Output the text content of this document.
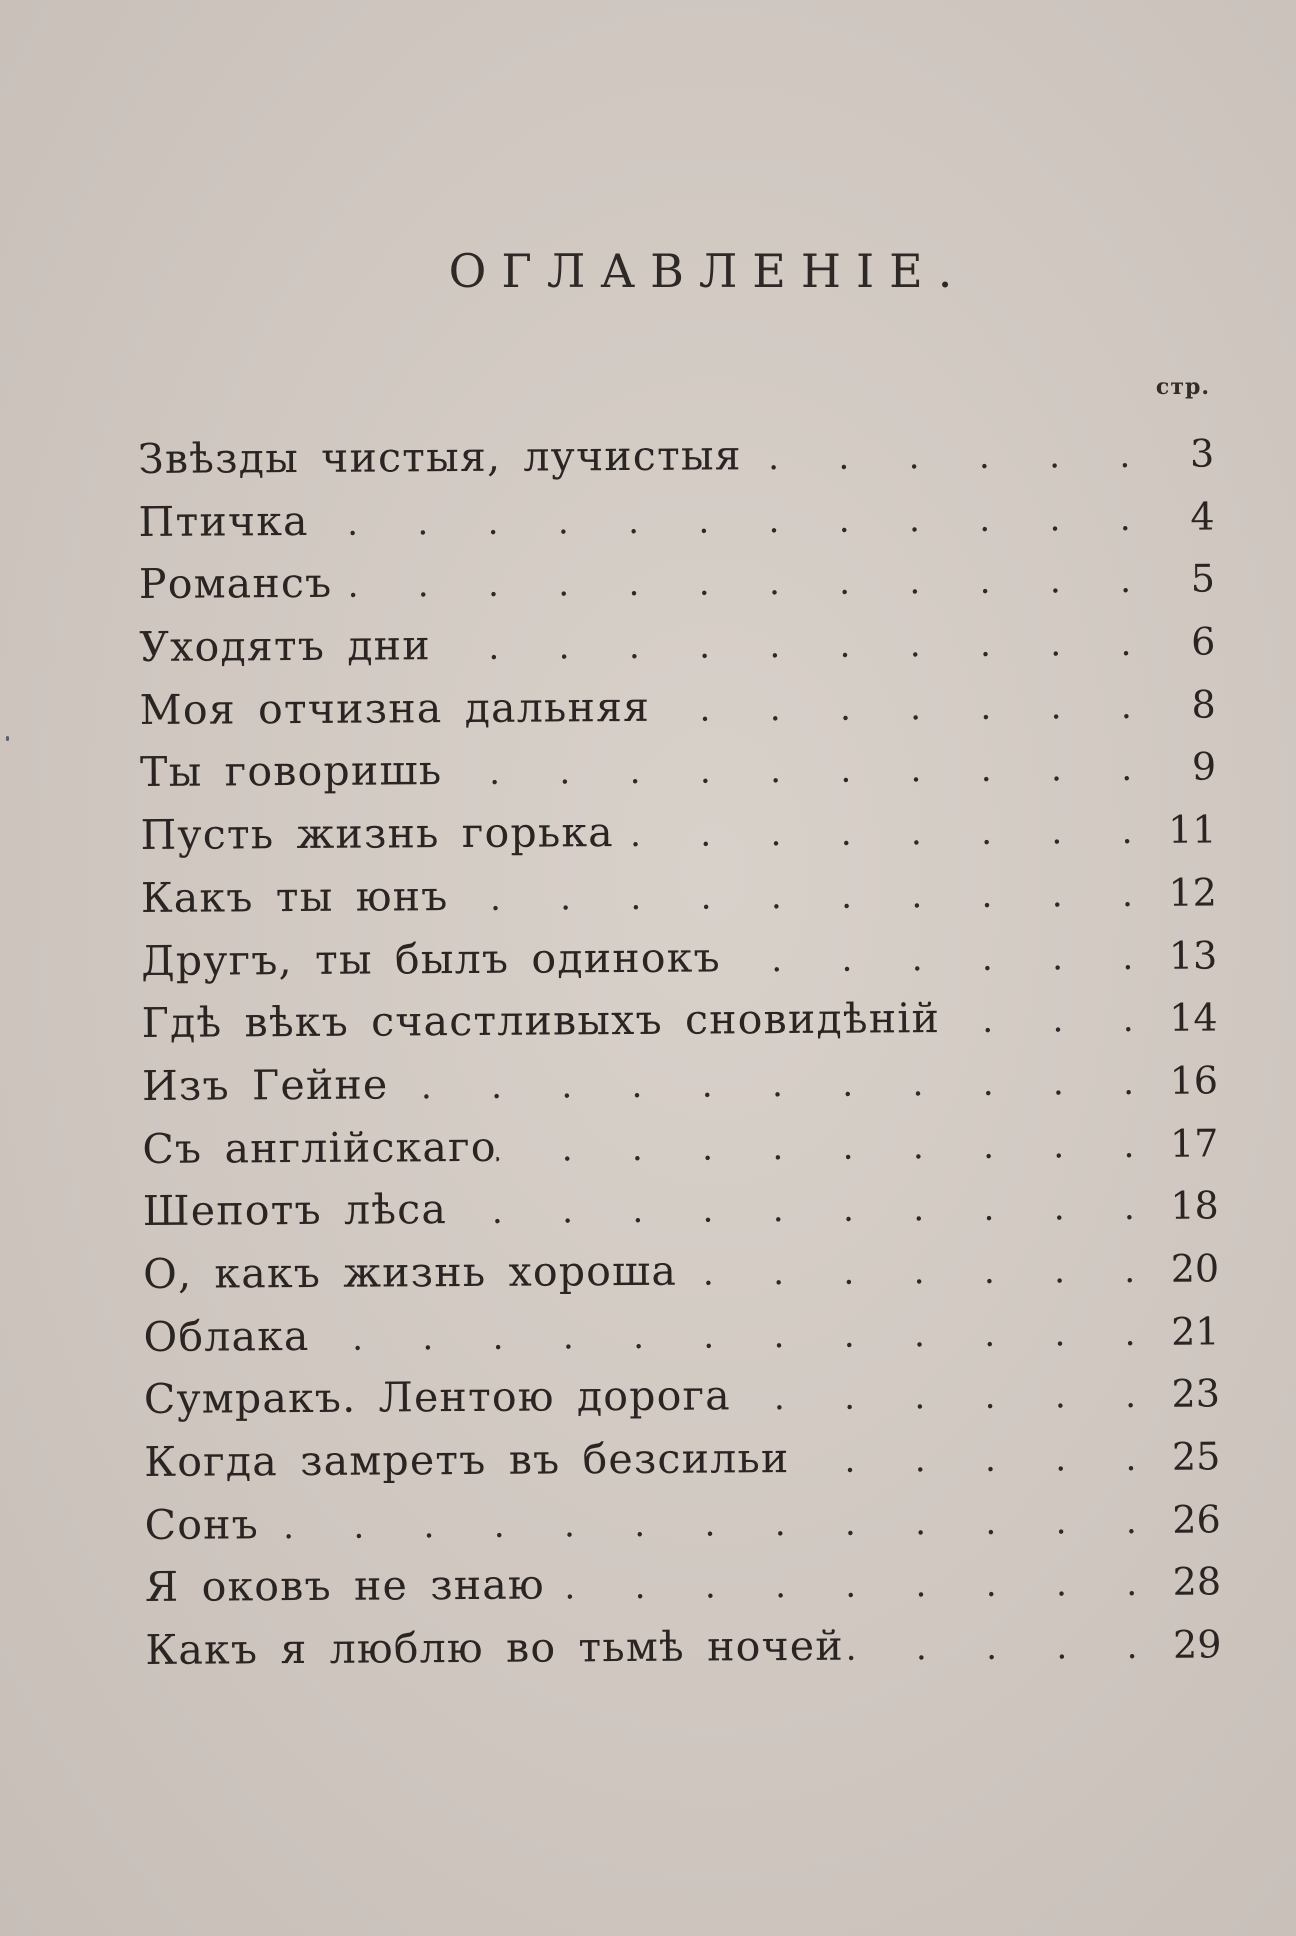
ОГЛАВЛЕНІЕ.
стр.
Звѣзды чистыя, лучистыя . .	3
Птичка . .	4
Романсъ . .	5
Уходятъ дни . .	6
Моя отчизна дальняя . .	8
Ты говоришь . .	9
Пусть жизнь горька . .	11
Какъ ты юнъ . .	12
Другъ, ты былъ одинокъ . .	13
Гдѣ вѣкъ счастливыхъ сновидѣній . .	14
Изъ Гейне . .	16
Съ англійскаго . .	17
Шепотъ лѣса . .	18
О, какъ жизнь хороша . .	20
Облака . .	21
Сумракъ. Лентою дорога . .	23
Когда замретъ въ безсильи . .	25
Сонъ . .	26
Я оковъ не знаю . .	28
Какъ я люблю во тьмѣ ночей . .	29
